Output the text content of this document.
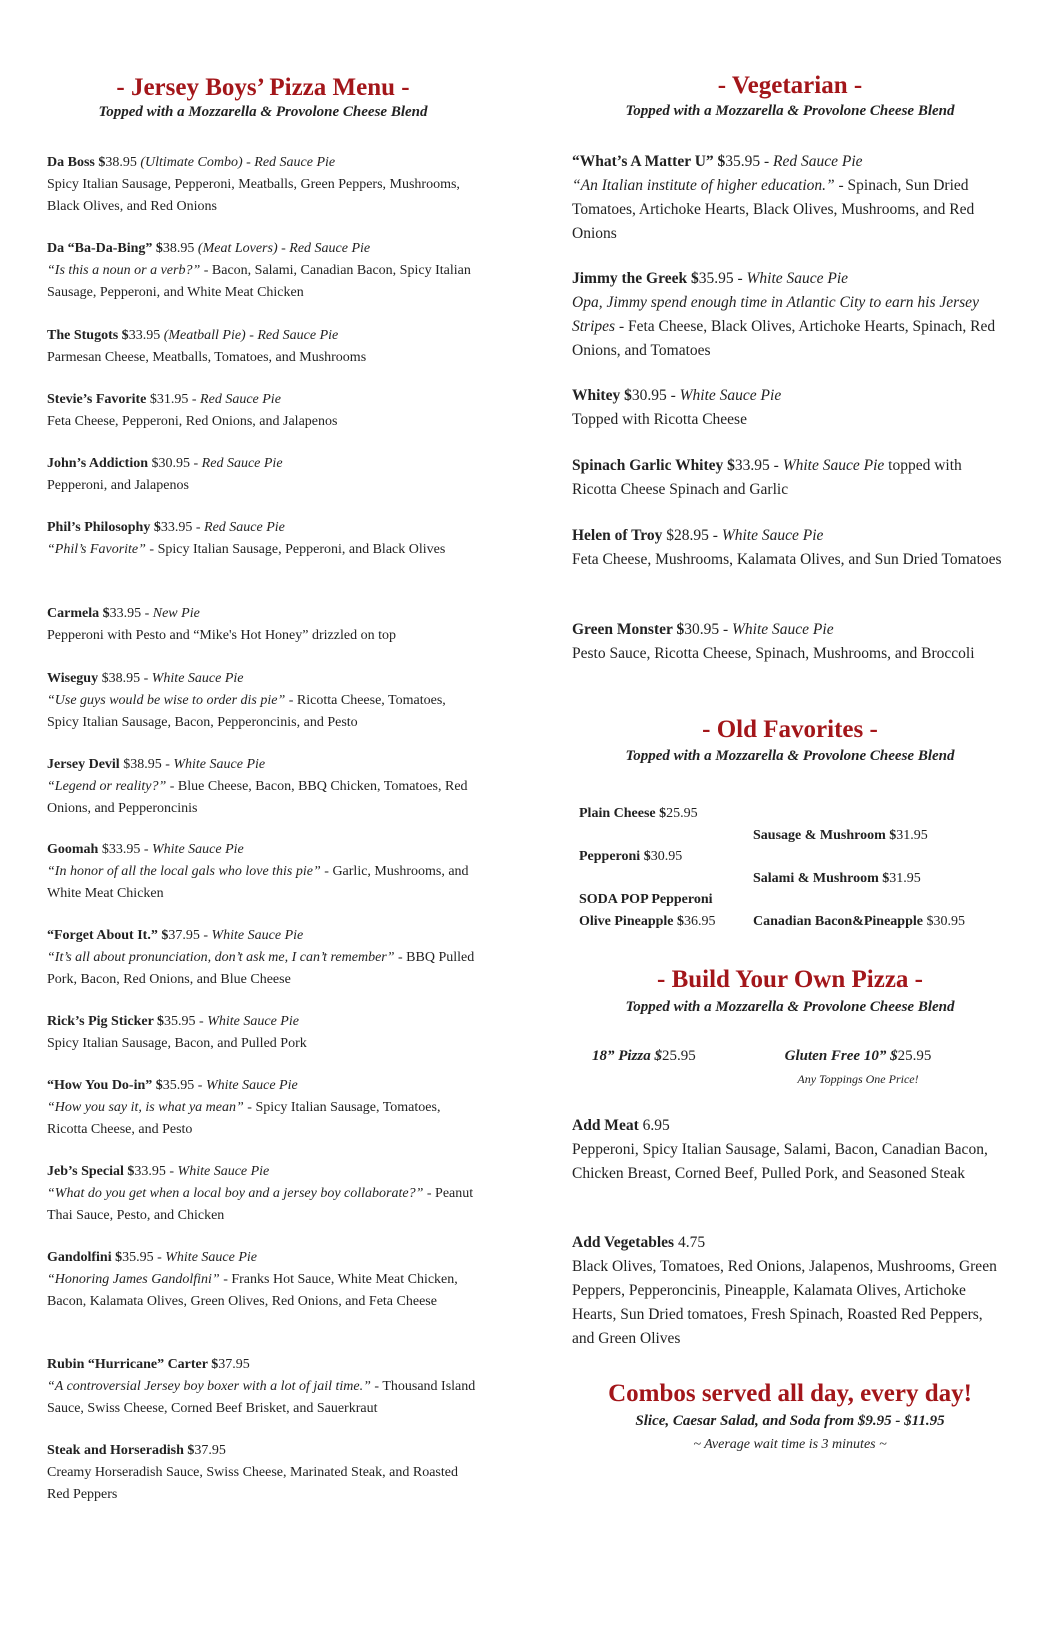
- Jersey Boys’ Pizza Menu -

Topped with a Mozzarella & Provolone Cheese Blend

Da Boss $38.95 (Ultimate Combo) - Red Sauce Pie

Spicy Italian Sausage, Pepperoni, Meatballs, Green Peppers, Mushrooms, Black Olives, and Red Onions

Da “Ba-Da-Bing” $38.95 (Meat Lovers) - Red Sauce Pie

“Is this a noun or a verb?” - Bacon, Salami, Canadian Bacon, Spicy Italian Sausage, Pepperoni, and White Meat Chicken

The Stugots $33.95 (Meatball Pie) - Red Sauce Pie

Parmesan Cheese, Meatballs, Tomatoes, and Mushrooms

Stevie’s Favorite $31.95 - Red Sauce Pie

Feta Cheese, Pepperoni, Red Onions, and Jalapenos

John’s Addiction $30.95 - Red Sauce Pie

Pepperoni, and Jalapenos

Phil’s Philosophy $33.95 - Red Sauce Pie

“Phil’s Favorite” - Spicy Italian Sausage, Pepperoni, and Black Olives

Carmela $33.95 - New Pie

Pepperoni with Pesto and “Mike's Hot Honey” drizzled on top

Wiseguy $38.95 - White Sauce Pie

“Use guys would be wise to order dis pie” - Ricotta Cheese, Tomatoes, Spicy Italian Sausage, Bacon, Pepperoncinis, and Pesto

Jersey Devil $38.95 - White Sauce Pie

“Legend or reality?” - Blue Cheese, Bacon, BBQ Chicken, Tomatoes, Red Onions, and Pepperoncinis

Goomah $33.95 - White Sauce Pie

“In honor of all the local gals who love this pie” - Garlic, Mushrooms, and White Meat Chicken

“Forget About It.” $37.95 - White Sauce Pie

“It’s all about pronunciation, don’t ask me, I can’t remember” - BBQ Pulled Pork, Bacon, Red Onions, and Blue Cheese

Rick’s Pig Sticker $35.95 - White Sauce Pie

Spicy Italian Sausage, Bacon, and Pulled Pork

“How You Do-in” $35.95 - White Sauce Pie

“How you say it, is what ya mean” - Spicy Italian Sausage, Tomatoes, Ricotta Cheese, and Pesto

Jeb’s Special $33.95 - White Sauce Pie

“What do you get when a local boy and a jersey boy collaborate?” - Peanut Thai Sauce, Pesto, and Chicken

Gandolfini $35.95 - White Sauce Pie

“Honoring James Gandolfini” - Franks Hot Sauce, White Meat Chicken, Bacon, Kalamata Olives, Green Olives, Red Onions, and Feta Cheese

Rubin “Hurricane” Carter $37.95

“A controversial Jersey boy boxer with a lot of jail time.” - Thousand Island Sauce, Swiss Cheese, Corned Beef Brisket, and Sauerkraut

Steak and Horseradish $37.95

Creamy Horseradish Sauce, Swiss Cheese, Marinated Steak, and Roasted Red Peppers

- Vegetarian -

Topped with a Mozzarella & Provolone Cheese Blend

“What’s A Matter U” $35.95 - Red Sauce Pie

“An Italian institute of higher education.” - Spinach, Sun Dried Tomatoes, Artichoke Hearts, Black Olives, Mushrooms, and Red Onions

Jimmy the Greek $35.95 - White Sauce Pie

Opa, Jimmy spend enough time in Atlantic City to earn his Jersey Stripes - Feta Cheese, Black Olives, Artichoke Hearts, Spinach, Red Onions, and Tomatoes

Whitey $30.95 - White Sauce Pie

Topped with Ricotta Cheese

Spinach Garlic Whitey $33.95 - White Sauce Pie topped with

Ricotta Cheese Spinach and Garlic

Helen of Troy $28.95 - White Sauce Pie

Feta Cheese, Mushrooms, Kalamata Olives, and Sun Dried Tomatoes

Green Monster $30.95 - White Sauce Pie

Pesto Sauce, Ricotta Cheese, Spinach, Mushrooms, and Broccoli

- Old Favorites -

Topped with a Mozzarella & Provolone Cheese Blend

Plain Cheese $25.95
Sausage & Mushroom $31.95
Pepperoni $30.95
Salami & Mushroom $31.95
SODA POP Pepperoni
Olive Pineapple $36.95	Canadian Bacon&Pineapple $30.95
- Build Your Own Pizza -

Topped with a Mozzarella & Provolone Cheese Blend

18” Pizza $25.95	Gluten Free 10” $25.95
Any Toppings One Price!

Add Meat 6.95

Pepperoni, Spicy Italian Sausage, Salami, Bacon, Canadian Bacon, Chicken Breast, Corned Beef, Pulled Pork, and Seasoned Steak

Add Vegetables 4.75

Black Olives, Tomatoes, Red Onions, Jalapenos, Mushrooms, Green Peppers, Pepperoncinis, Pineapple, Kalamata Olives, Artichoke Hearts, Sun Dried tomatoes, Fresh Spinach, Roasted Red Peppers, and Green Olives

Combos served all day, every day!

Slice, Caesar Salad, and Soda from $9.95 - $11.95

~ Average wait time is 3 minutes ~
